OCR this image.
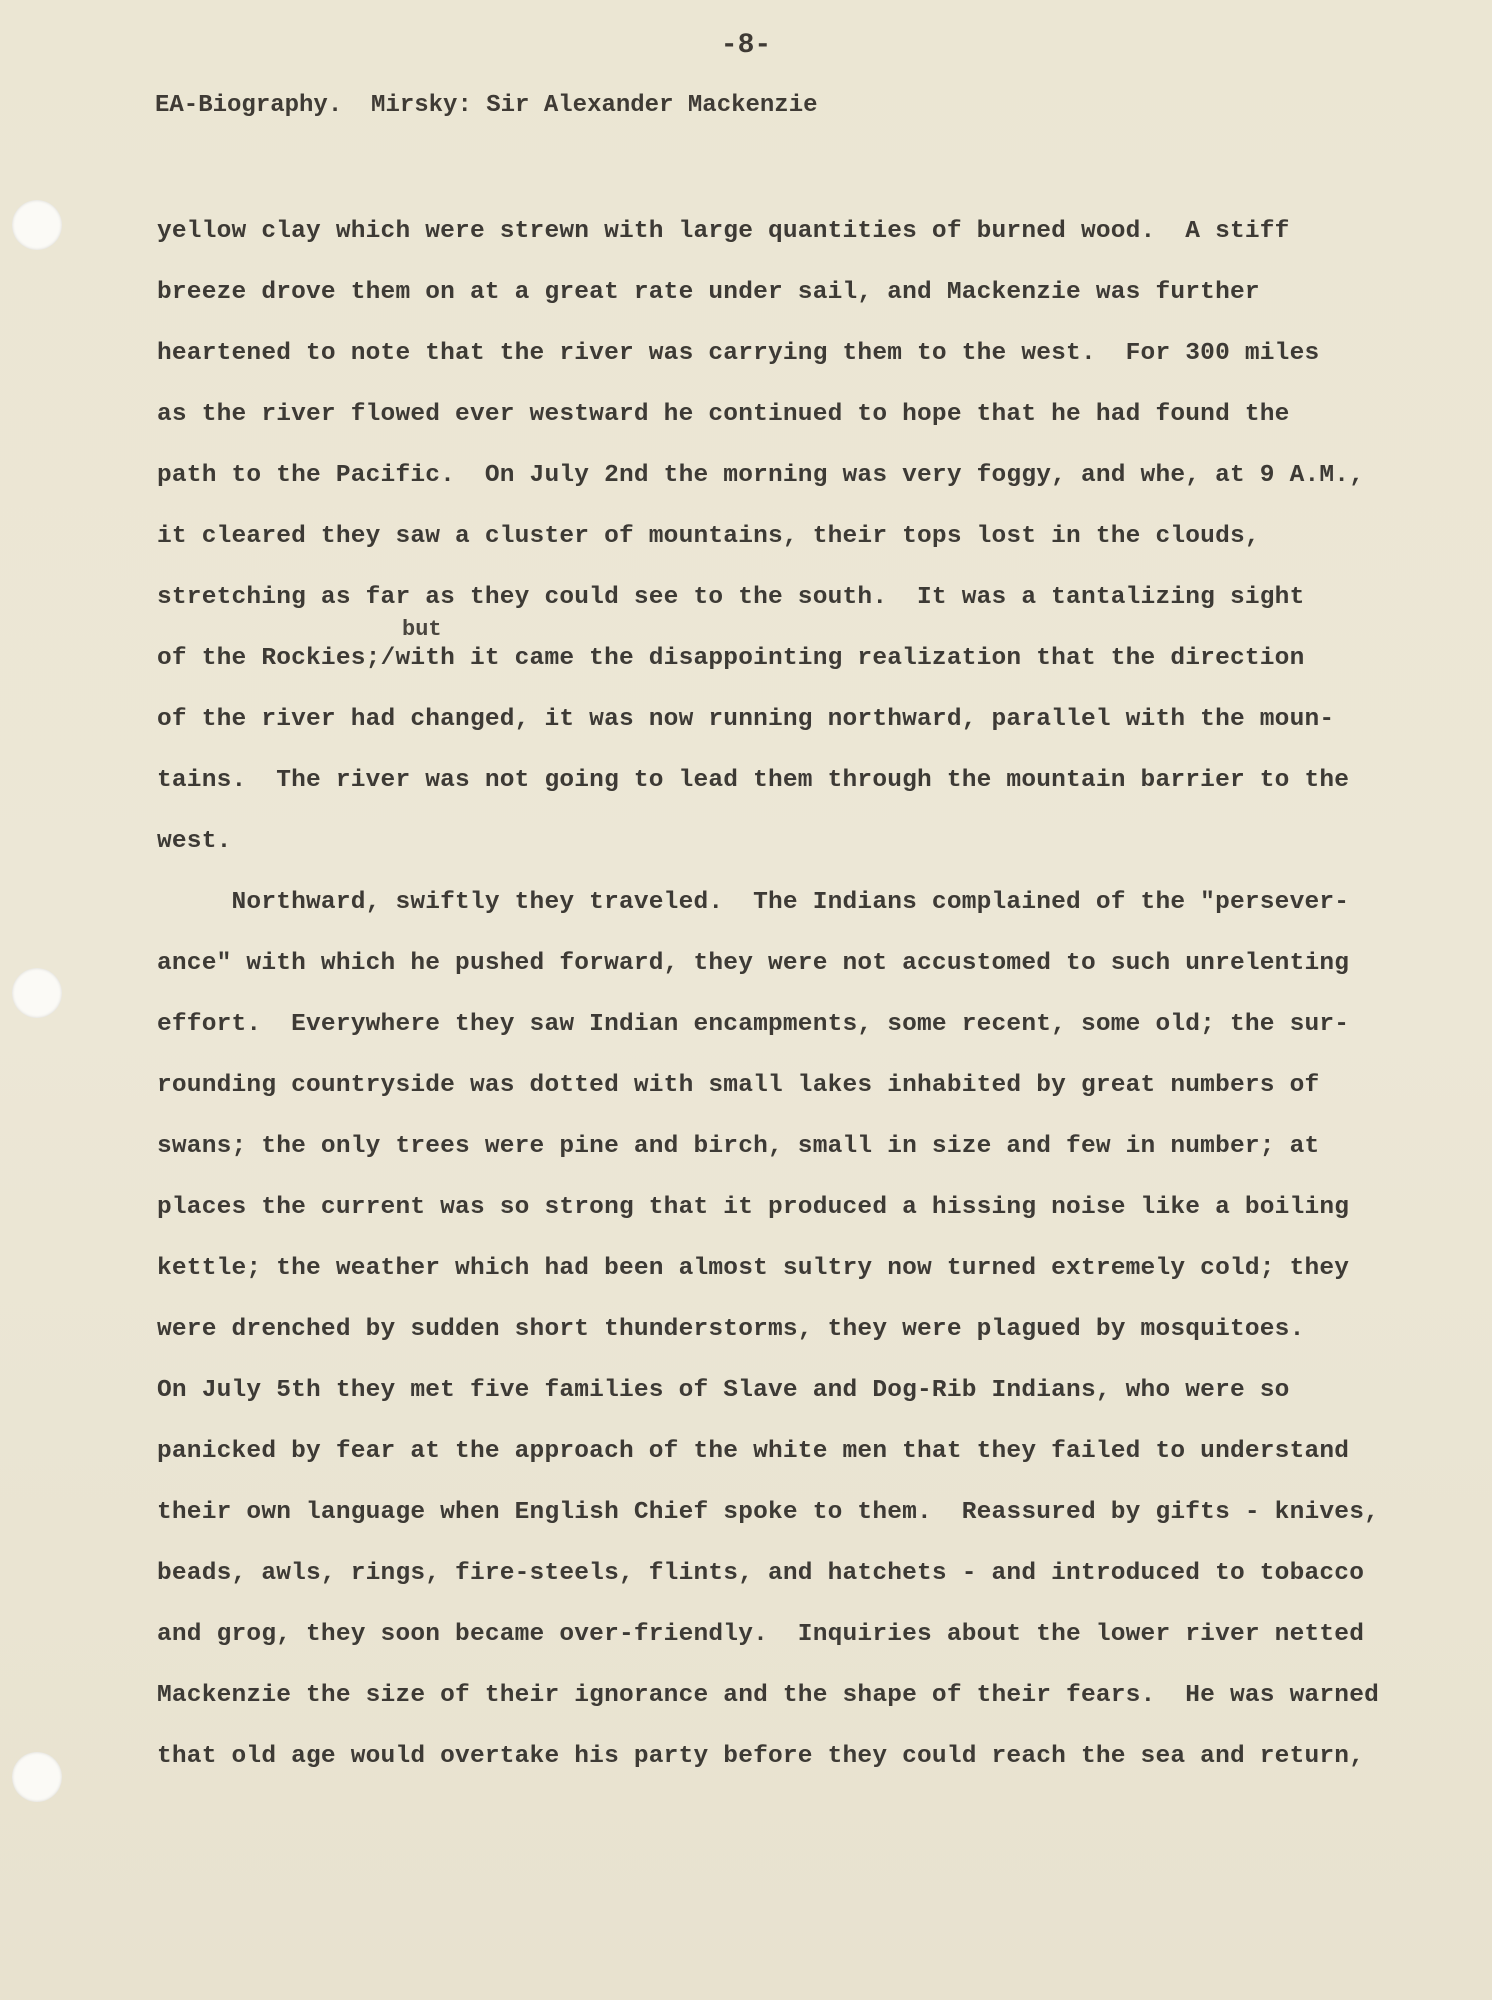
-8-
EA-Biography.  Mirsky: Sir Alexander Mackenzie
but
yellow clay which were strewn with large quantities of burned wood.  A stiff
breeze drove them on at a great rate under sail, and Mackenzie was further
heartened to note that the river was carrying them to the west.  For 300 miles
as the river flowed ever westward he continued to hope that he had found the
path to the Pacific.  On July 2nd the morning was very foggy, and whe, at 9 A.M.,
it cleared they saw a cluster of mountains, their tops lost in the clouds,
stretching as far as they could see to the south.  It was a tantalizing sight
of the Rockies;/with it came the disappointing realization that the direction
of the river had changed, it was now running northward, parallel with the moun-
tains.  The river was not going to lead them through the mountain barrier to the
west.
Northward, swiftly they traveled.  The Indians complained of the "persever-
ance" with which he pushed forward, they were not accustomed to such unrelenting
effort.  Everywhere they saw Indian encampments, some recent, some old; the sur-
rounding countryside was dotted with small lakes inhabited by great numbers of
swans; the only trees were pine and birch, small in size and few in number; at
places the current was so strong that it produced a hissing noise like a boiling
kettle; the weather which had been almost sultry now turned extremely cold; they
were drenched by sudden short thunderstorms, they were plagued by mosquitoes.
On July 5th they met five families of Slave and Dog-Rib Indians, who were so
panicked by fear at the approach of the white men that they failed to understand
their own language when English Chief spoke to them.  Reassured by gifts - knives,
beads, awls, rings, fire-steels, flints, and hatchets - and introduced to tobacco
and grog, they soon became over-friendly.  Inquiries about the lower river netted
Mackenzie the size of their ignorance and the shape of their fears.  He was warned
that old age would overtake his party before they could reach the sea and return,
